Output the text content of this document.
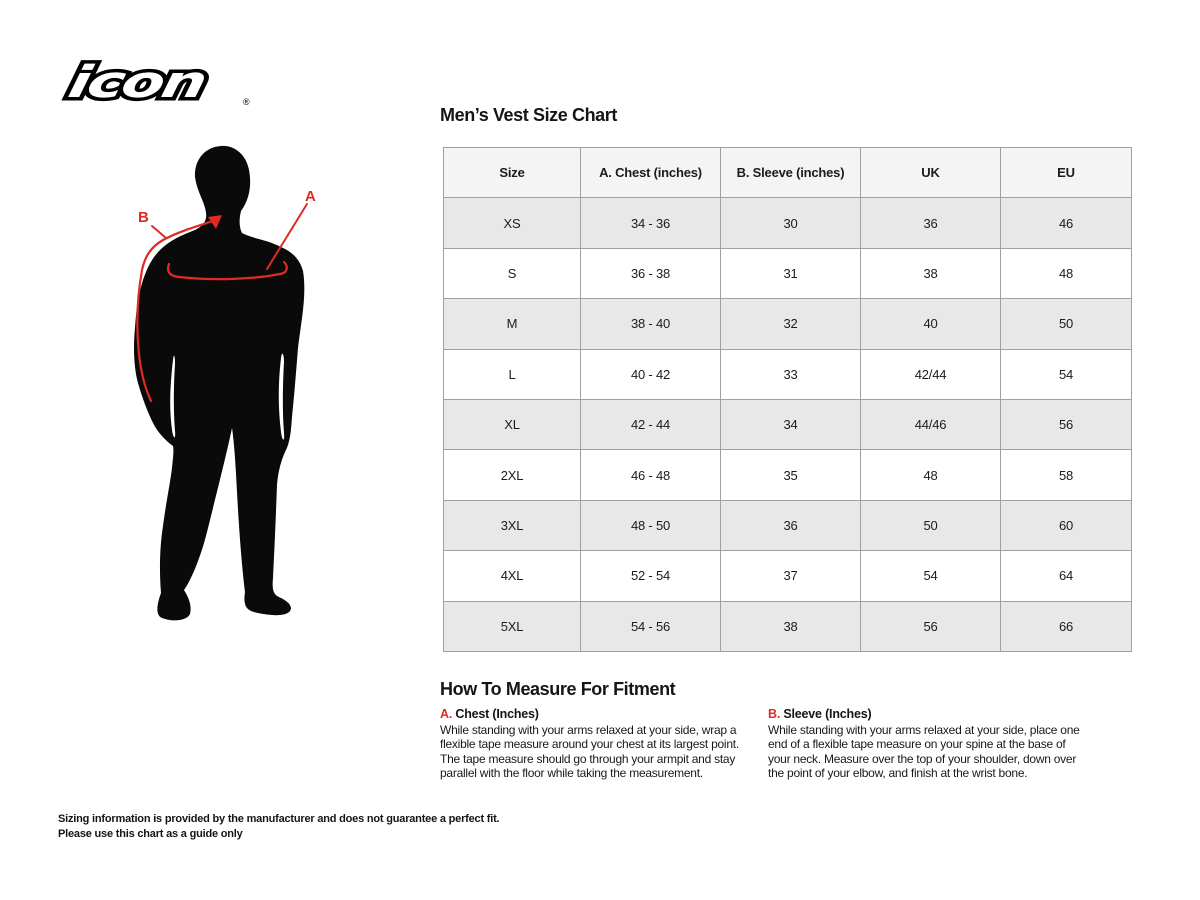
icon	®
A
B
Men’s Vest Size Chart
Size	A. Chest (inches)	B. Sleeve (inches)	UK	EU
XS	34 - 36	30	36	46
S	36 - 38	31	38	48
M	38 - 40	32	40	50
L	40 - 42	33	42/44	54
XL	42 - 44	34	44/46	56
2XL	46 - 48	35	48	58
3XL	48 - 50	36	50	60
4XL	52 - 54	37	54	64
5XL	54 - 56	38	56	66
How To Measure For Fitment
A. Chest (Inches)
While standing with your arms relaxed at your side, wrap a flexible tape measure around your chest at its largest point. The tape measure should go through your armpit and stay parallel with the floor while taking the measurement.
B. Sleeve (Inches)
While standing with your arms relaxed at your side, place one end of a flexible tape measure on your spine at the base of your neck. Measure over the top of your shoulder, down over the point of your elbow, and finish at the wrist bone.
Sizing information is provided by the manufacturer and does not guarantee a perfect fit.
Please use this chart as a guide only
